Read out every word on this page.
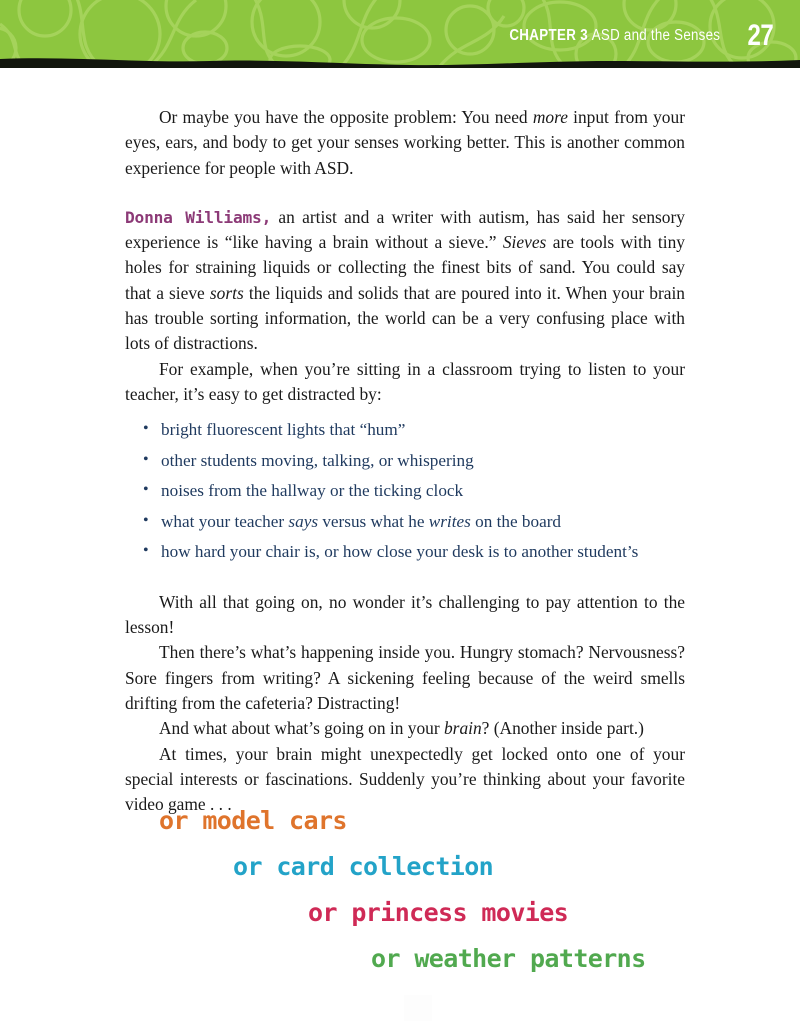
CHAPTER 3 ASD and the Senses 27

Or maybe you have the opposite problem: You need more input from your eyes, ears, and body to get your senses working better. This is another common experience for people with ASD.

Donna Williams, an artist and a writer with autism, has said her sensory experience is “like having a brain without a sieve.” Sieves are tools with tiny holes for straining liquids or collecting the finest bits of sand. You could say that a sieve sorts the liquids and solids that are poured into it. When your brain has trouble sorting information, the world can be a very confusing place with lots of distractions.

For example, when you’re sitting in a classroom trying to listen to your teacher, it’s easy to get distracted by:

• bright fluorescent lights that “hum”
• other students moving, talking, or whispering
• noises from the hallway or the ticking clock
• what your teacher says versus what he writes on the board
• how hard your chair is, or how close your desk is to another student’s

With all that going on, no wonder it’s challenging to pay attention to the lesson!

Then there’s what’s happening inside you. Hungry stomach? Nervousness? Sore fingers from writing? A sickening feeling because of the weird smells drifting from the cafeteria? Distracting!

And what about what’s going on in your brain? (Another inside part.)

At times, your brain might unexpectedly get locked onto one of your special interests or fascinations. Suddenly you’re thinking about your favorite video game . . .

or model cars
or card collection
or princess movies
or weather patterns
